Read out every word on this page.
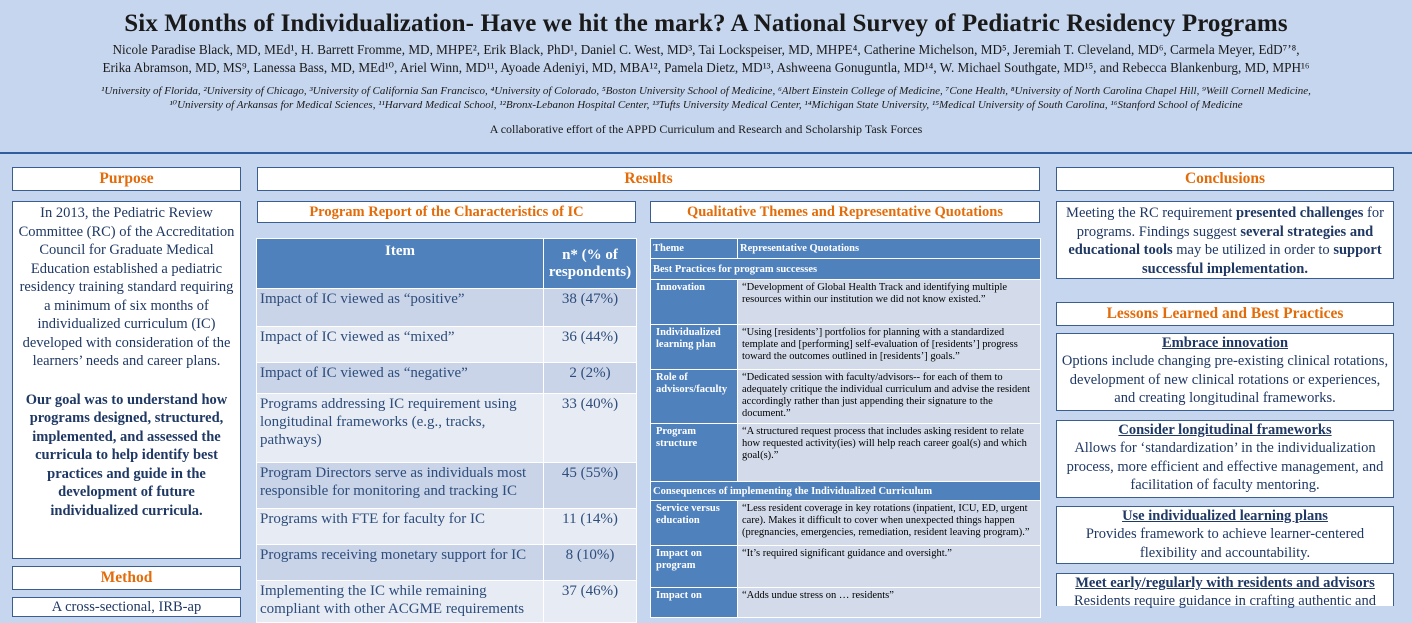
Six Months of Individualization- Have we hit the mark? A National Survey of Pediatric Residency Programs
Nicole Paradise Black, MD, MEd¹, H. Barrett Fromme, MD, MHPE², Erik Black, PhD¹, Daniel C. West, MD³, Tai Lockspeiser, MD, MHPE⁴, Catherine Michelson, MD⁵, Jeremiah T. Cleveland, MD⁶, Carmela Meyer, EdD⁷ʼ⁸,
Erika Abramson, MD, MS⁹, Lanessa Bass, MD, MEd¹⁰, Ariel Winn, MD¹¹, Ayoade Adeniyi, MD, MBA¹², Pamela Dietz, MD¹³, Ashweena Gonuguntla, MD¹⁴, W. Michael Southgate, MD¹⁵, and Rebecca Blankenburg, MD, MPH¹⁶
¹University of Florida, ²University of Chicago, ³University of California San Francisco, ⁴University of Colorado, ⁵Boston University School of Medicine, ⁶Albert Einstein College of Medicine, ⁷Cone Health, ⁸University of North Carolina Chapel Hill, ⁹Weill Cornell Medicine,
¹⁰University of Arkansas for Medical Sciences, ¹¹Harvard Medical School, ¹²Bronx-Lebanon Hospital Center, ¹³Tufts University Medical Center, ¹⁴Michigan State University, ¹⁵Medical University of South Carolina, ¹⁶Stanford School of Medicine
A collaborative effort of the APPD Curriculum and Research and Scholarship Task Forces
Purpose
In 2013, the Pediatric Review Committee (RC) of the Accreditation Council for Graduate Medical Education established a pediatric residency training standard requiring a minimum of six months of individualized curriculum (IC) developed with consideration of the learners’ needs and career plans.
Our goal was to understand how programs designed, structured, implemented, and assessed the curricula to help identify best practices and guide in the development of future individualized curricula.
Method
A cross-sectional, IRB-ap
Results
Program Report of the Characteristics of IC
Item	n* (% of respondents)
Impact of IC viewed as “positive”	38 (47%)
Impact of IC viewed as “mixed”	36 (44%)
Impact of IC viewed as “negative”	2 (2%)
Programs addressing IC requirement using longitudinal frameworks (e.g., tracks, pathways)	33 (40%)
Program Directors serve as individuals most responsible for monitoring and tracking IC	45 (55%)
Programs with FTE for faculty for IC	11 (14%)
Programs receiving monetary support for IC	8 (10%)
Implementing the IC while remaining compliant with other ACGME requirements	37 (46%)
Qualitative Themes and Representative Quotations
Theme	Representative Quotations
Best Practices for program successes	
Innovation	“Development of Global Health Track and identifying multiple resources within our institution we did not know existed.”
Individualized learning plan	“Using [residents’] portfolios for planning with a standardized template and [performing] self-evaluation of [residents’] progress toward the outcomes outlined in [residents’] goals.”
Role of advisors/faculty	“Dedicated session with faculty/advisors-- for each of them to adequately critique the individual curriculum and advise the resident accordingly rather than just appending their signature to the document.”
Program structure	“A structured request process that includes asking resident to relate how requested activity(ies) will help reach career goal(s) and which goal(s).”
Consequences of implementing the Individualized Curriculum	
Service versus education	“Less resident coverage in key rotations (inpatient, ICU, ED, urgent care). Makes it difficult to cover when unexpected things happen (pregnancies, emergencies, remediation, resident leaving program).”
Impact on program	“It’s required significant guidance and oversight.”
Impact on	“Adds undue stress on … residents”
Conclusions
Meeting the RC requirement presented challenges for programs. Findings suggest several strategies and educational tools may be utilized in order to support successful implementation.
Lessons Learned and Best Practices
Embrace innovation
Options include changing pre-existing clinical rotations, development of new clinical rotations or experiences, and creating longitudinal frameworks.
Consider longitudinal frameworks
Allows for ‘standardization’ in the individualization process, more efficient and effective management, and facilitation of faculty mentoring.
Use individualized learning plans
Provides framework to achieve learner-centered flexibility and accountability.
Meet early/regularly with residents and advisors
Residents require guidance in crafting authentic and
